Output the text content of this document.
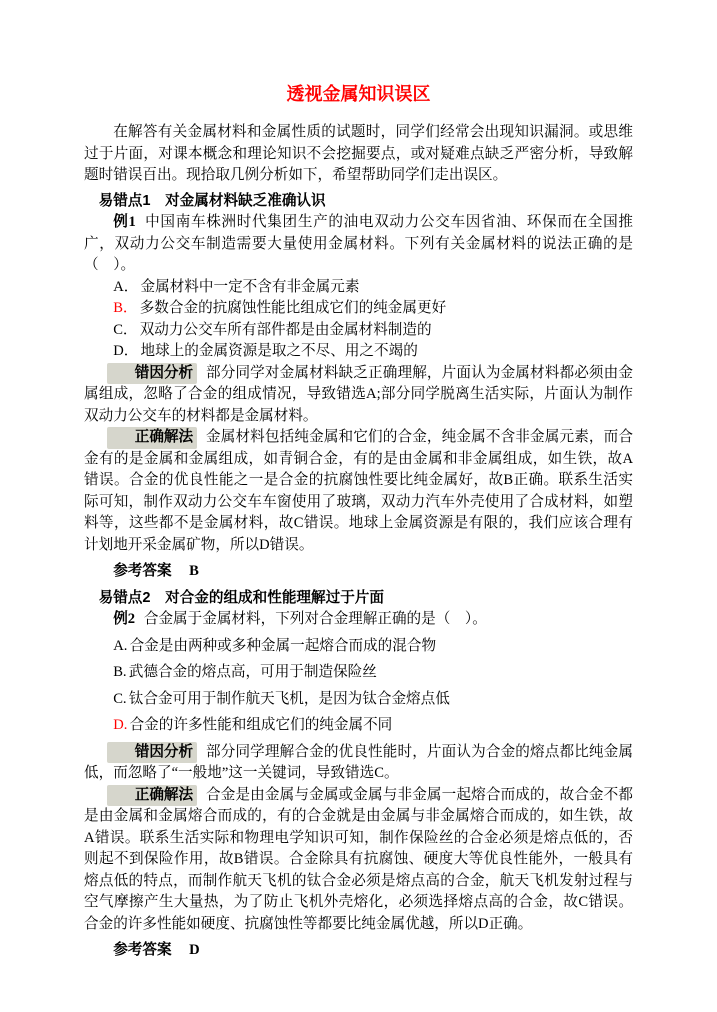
透视金属知识误区

在解答有关金属材料和金属性质的试题时，同学们经常会出现知识漏洞。或思维过于片面，对课本概念和理论知识不会挖掘要点，或对疑难点缺乏严密分析，导致解题时错误百出。现拾取几例分析如下，希望帮助同学们走出误区。

易错点1　对金属材料缺乏准确认识

例1 中国南车株洲时代集团生产的油电双动力公交车因省油、环保而在全国推广，双动力公交车制造需要大量使用金属材料。下列有关金属材料的说法正确的是（　）。

A． 金属材料中一定不含有非金属元素

B． 多数合金的抗腐蚀性能比组成它们的纯金属更好

C． 双动力公交车所有部件都是由金属材料制造的

D． 地球上的金属资源是取之不尽、用之不竭的

错因分析 部分同学对金属材料缺乏正确理解，片面认为金属材料都必须由金属组成，忽略了合金的组成情况，导致错选A;部分同学脱离生活实际，片面认为制作双动力公交车的材料都是金属材料。

正确解法 金属材料包括纯金属和它们的合金，纯金属不含非金属元素，而合金有的是金属和金属组成，如青铜合金，有的是由金属和非金属组成，如生铁，故A错误。合金的优良性能之一是合金的抗腐蚀性要比纯金属好，故B正确。联系生活实际可知，制作双动力公交车车窗使用了玻璃，双动力汽车外壳使用了合成材料，如塑料等，这些都不是金属材料，故C错误。地球上金属资源是有限的，我们应该合理有计划地开采金属矿物，所以D错误。

参考答案 B

易错点2　对合金的组成和性能理解过于片面

例2 合金属于金属材料，下列对合金理解正确的是（　）。

A. 合金是由两种或多种金属一起熔合而成的混合物

B. 武德合金的熔点高，可用于制造保险丝

C. 钛合金可用于制作航天飞机，是因为钛合金熔点低

D. 合金的许多性能和组成它们的纯金属不同

错因分析 部分同学理解合金的优良性能时，片面认为合金的熔点都比纯金属低，而忽略了“一般地”这一关键词，导致错选C。

正确解法 合金是由金属与金属或金属与非金属一起熔合而成的，故合金不都是由金属和金属熔合而成的，有的合金就是由金属与非金属熔合而成的，如生铁，故A错误。联系生活实际和物理电学知识可知，制作保险丝的合金必须是熔点低的，否则起不到保险作用，故B错误。合金除具有抗腐蚀、硬度大等优良性能外，一般具有熔点低的特点，而制作航天飞机的钛合金必须是熔点高的合金，航天飞机发射过程与空气摩擦产生大量热，为了防止飞机外壳熔化，必须选择熔点高的合金，故C错误。合金的许多性能如硬度、抗腐蚀性等都要比纯金属优越，所以D正确。

参考答案 D
